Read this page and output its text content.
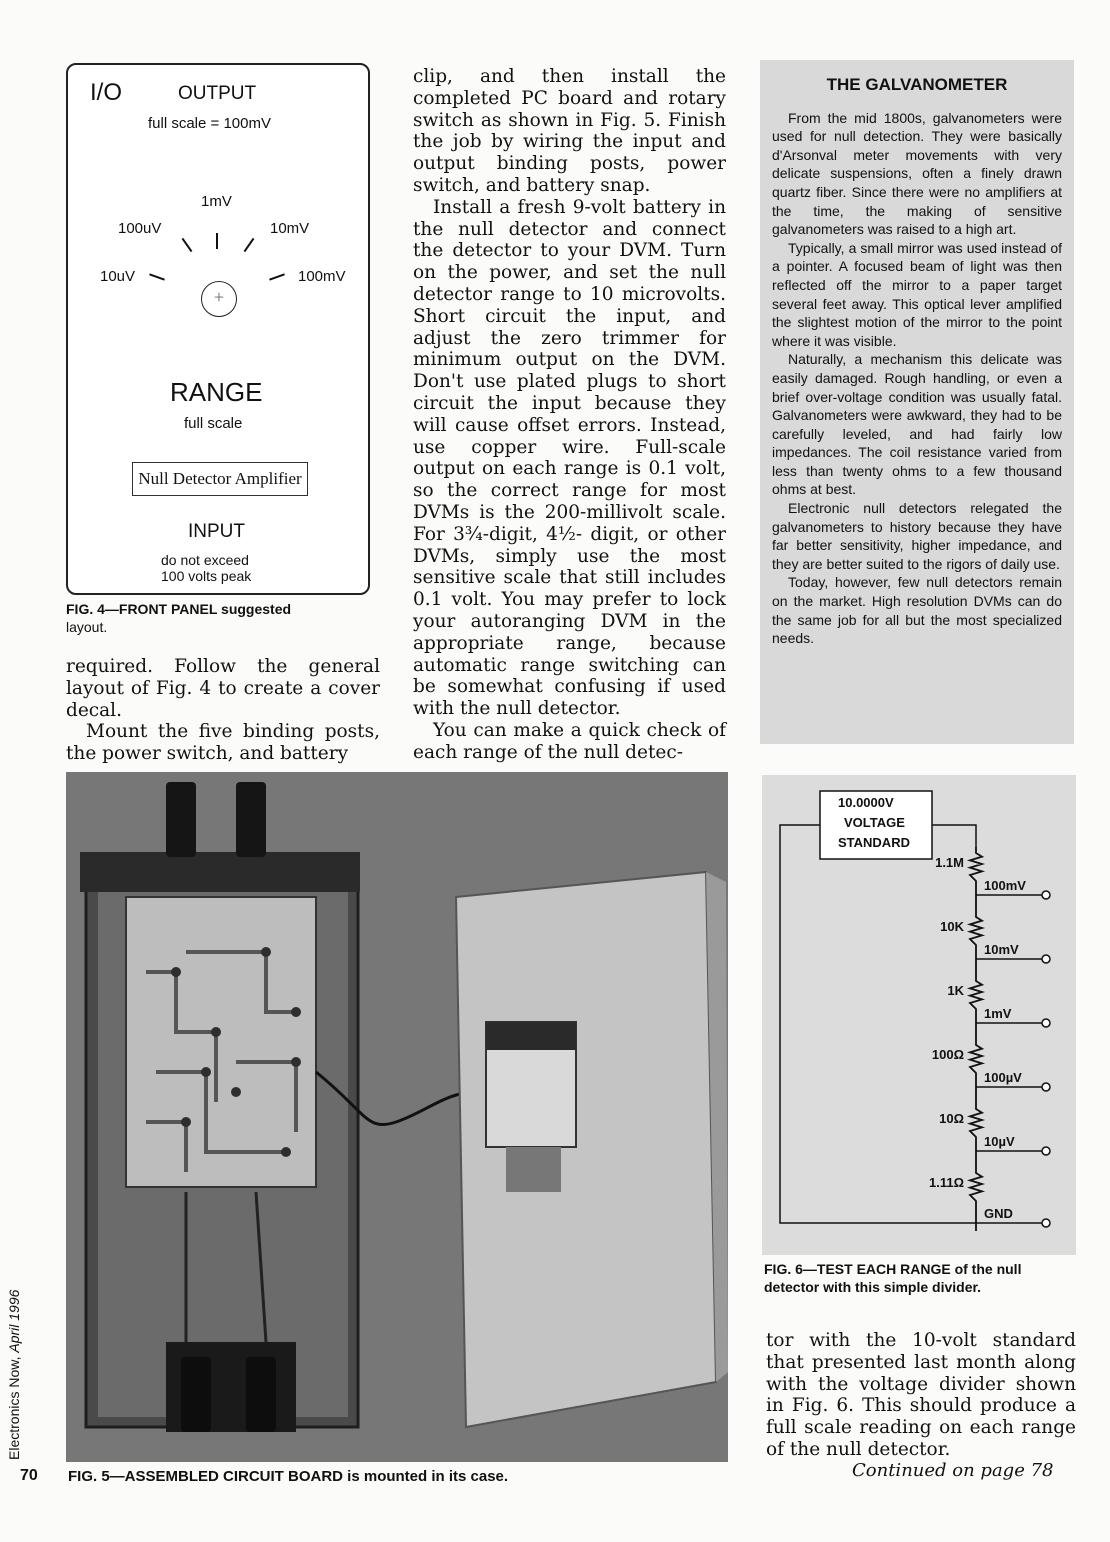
I/O	OUTPUT
full scale = 100mV
1mV
100uV	10mV
10uV	100mV
+
RANGE
full scale
Null Detector Amplifier
INPUT
do not exceed
100 volts peak
FIG. 4—FRONT PANEL suggested
layout.

required. Follow the general layout of Fig. 4 to create a cover decal.

Mount the five binding posts, the power switch, and battery

clip, and then install the completed PC board and rotary switch as shown in Fig. 5. Finish the job by wiring the input and output binding posts, power switch, and battery snap.

Install a fresh 9-volt battery in the null detector and connect the detector to your DVM. Turn on the power, and set the null detector range to 10 microvolts. Short circuit the input, and adjust the zero trimmer for minimum output on the DVM. Don't use plated plugs to short circuit the input because they will cause offset errors. Instead, use copper wire. Full-scale output on each range is 0.1 volt, so the correct range for most DVMs is the 200-millivolt scale. For 3¾-digit, 4½- digit, or other DVMs, simply use the most sensitive scale that still includes 0.1 volt. You may prefer to lock your autoranging DVM in the appropriate range, because automatic range switching can be somewhat confusing if used with the null detector.

You can make a quick check of each range of the null detec-

THE GALVANOMETER

From the mid 1800s, galvanometers were used for null detection. They were basically d'Arsonval meter movements with very delicate suspensions, often a finely drawn quartz fiber. Since there were no amplifiers at the time, the making of sensitive galvanometers was raised to a high art.

Typically, a small mirror was used instead of a pointer. A focused beam of light was then reflected off the mirror to a paper target several feet away. This optical lever amplified the slightest motion of the mirror to the point where it was visible.

Naturally, a mechanism this delicate was easily damaged. Rough handling, or even a brief over-voltage condition was usually fatal. Galvanometers were awkward, they had to be carefully leveled, and had fairly low impedances. The coil resistance varied from less than twenty ohms to a few thousand ohms at best.

Electronic null detectors relegated the galvanometers to history because they have far better sensitivity, higher impedance, and they are better suited to the rigors of daily use.

Today, however, few null detectors remain on the market. High resolution DVMs can do the same job for all but the most specialized needs.

10.0000V
VOLTAGE
STANDARD
1.1M
100mV
10K
10mV
1K
1mV
100Ω
100µV
10Ω
10µV
1.11Ω
GND
FIG. 6—TEST EACH RANGE of the null detector with this simple divider.

tor with the 10-volt standard that presented last month along with the voltage divider shown in Fig. 6. This should produce a full scale reading on each range of the null detector.

Continued on page 78
70 FIG. 5—ASSEMBLED CIRCUIT BOARD is mounted in its case.
Electronics Now, April 1996
